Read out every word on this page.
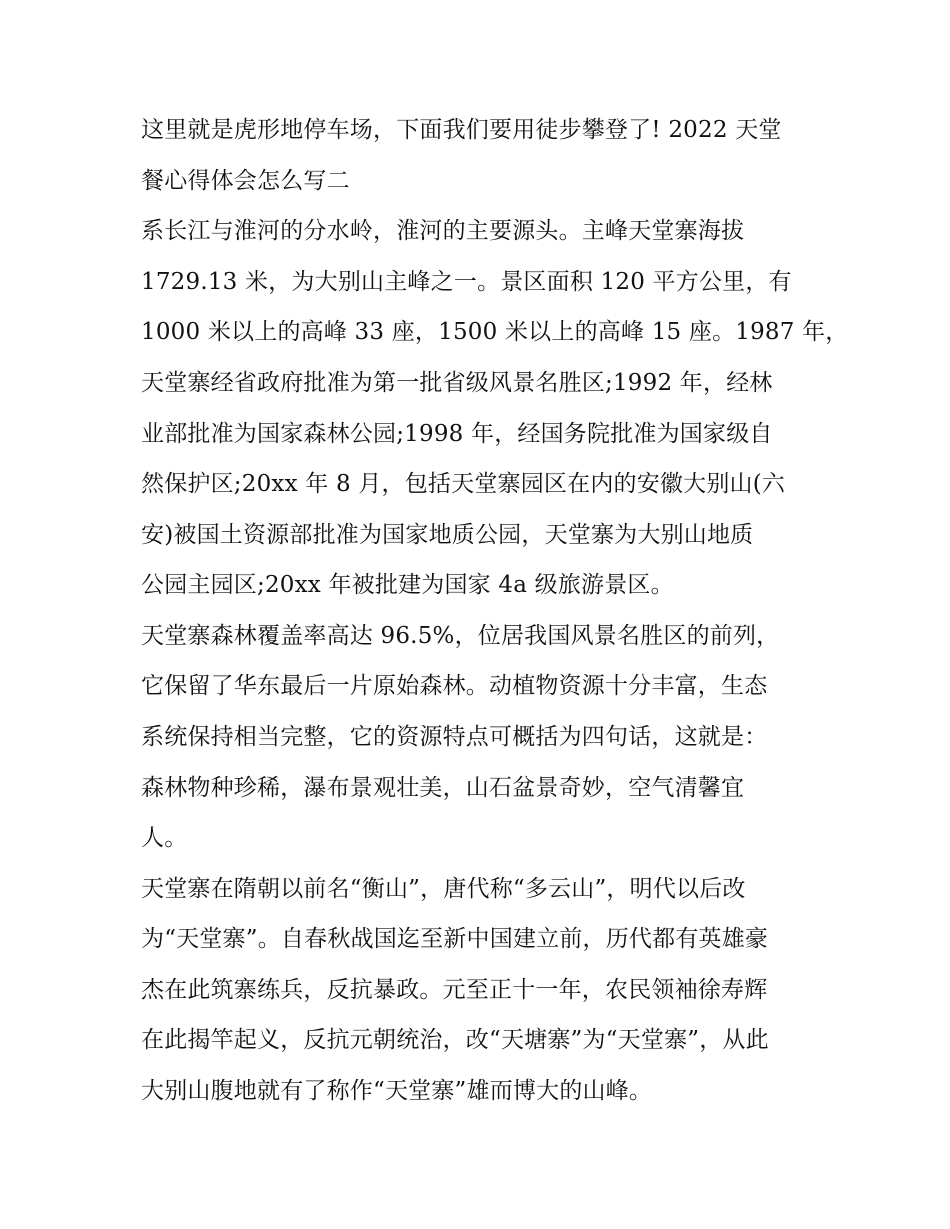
这里就是虎形地停车场，下面我们要用徒步攀登了! 2022 天堂
餐心得体会怎么写二
系长江与淮河的分水岭，淮河的主要源头。主峰天堂寨海拔
1729.13 米，为大别山主峰之一。景区面积 120 平方公里，有
1000 米以上的高峰 33 座，1500 米以上的高峰 15 座。1987 年，
天堂寨经省政府批准为第一批省级风景名胜区;1992 年，经林
业部批准为国家森林公园;1998 年，经国务院批准为国家级自
然保护区;20xx 年 8 月，包括天堂寨园区在内的安徽大别山(六
安)被国土资源部批准为国家地质公园，天堂寨为大别山地质
公园主园区;20xx 年被批建为国家 4a 级旅游景区。
天堂寨森林覆盖率高达 96.5%，位居我国风景名胜区的前列，
它保留了华东最后一片原始森林。动植物资源十分丰富，生态
系统保持相当完整，它的资源特点可概括为四句话，这就是：
森林物种珍稀，瀑布景观壮美，山石盆景奇妙，空气清馨宜
人。
天堂寨在隋朝以前名“衡山”，唐代称“多云山”，明代以后改
为“天堂寨”。自春秋战国迄至新中国建立前，历代都有英雄豪
杰在此筑寨练兵，反抗暴政。元至正十一年，农民领袖徐寿辉
在此揭竿起义，反抗元朝统治，改“天塘寨”为“天堂寨”，从此
大别山腹地就有了称作“天堂寨”雄而博大的山峰。
